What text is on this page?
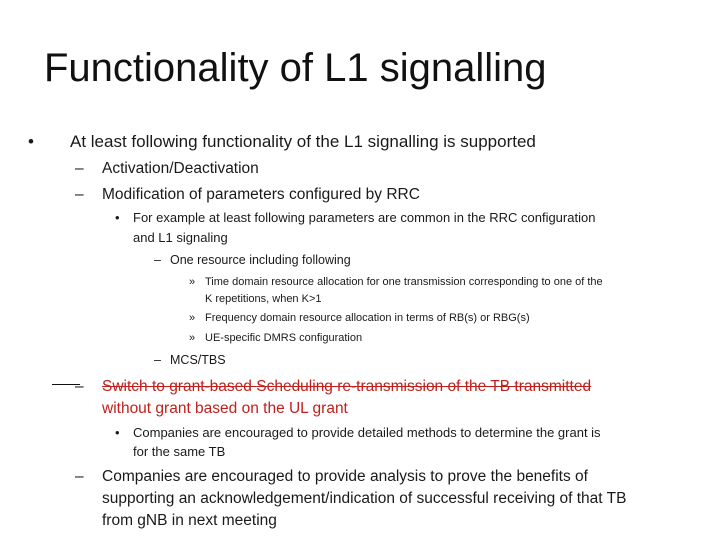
Functionality of L1 signalling
• At least following functionality of the L1 signalling is supported

– Activation/Deactivation

– Modification of parameters configured by RRC

• For example at least following parameters are common in the RRC configuration

and L1 signaling

– One resource including following

» Time domain resource allocation for one transmission corresponding to one of the

K repetitions, when K>1

» Frequency domain resource allocation in terms of RB(s) or RBG(s)

» UE-specific DMRS configuration

– MCS/TBS

– Switch to grant-based Scheduling re-transmission of the TB transmitted

without grant based on the UL grant

• Companies are encouraged to provide detailed methods to determine the grant is

for the same TB

– Companies are encouraged to provide analysis to prove the benefits of

supporting an acknowledgement/indication of successful receiving of that TB

from gNB in next meeting
